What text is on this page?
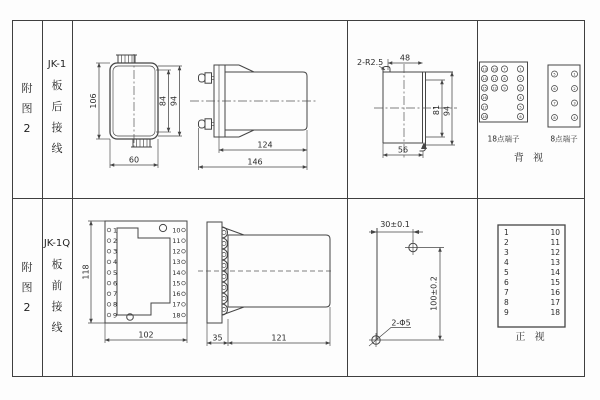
附图2
JK-1
板后接线
附图2
JK-1Q
板前接线
106	84 94
60
124
146
2-R2.5 48
81 94
56
13
14
15
16
17
18
10
11
12
7
8
9
1
2
3
4
5
6
18点端子
5
6
7
8
1
2
3
4
8点端子
背 视
1
2
3
4
5
6
7
8
9
10
11
12
13
14
15
16
17
18
118
102	35	121
30±0.1
100±0.2
2-Φ5
1
2
3
4
5
6
7
8
9
10
11
12
13
14
15
16
17
18
正 视
